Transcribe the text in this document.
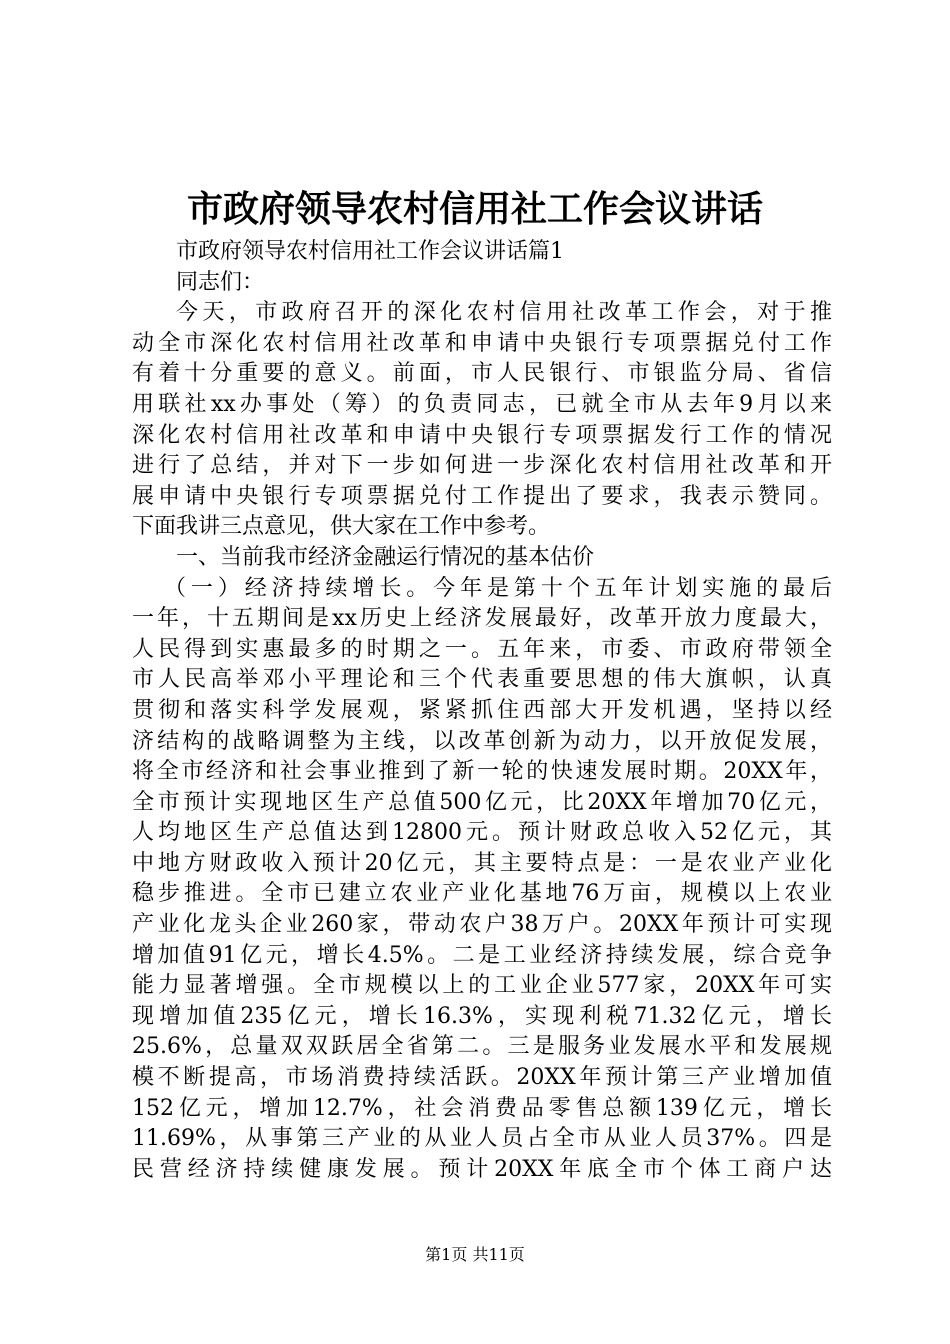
市政府领导农村信用社工作会议讲话
市政府领导农村信用社工作会议讲话篇1
同志们：
今天，市政府召开的深化农村信用社改革工作会，对于推
动全市深化农村信用社改革和申请中央银行专项票据兑付工作
有着十分重要的意义。前面，市人民银行、市银监分局、省信
用联社xx办事处（筹）的负责同志，已就全市从去年9月以来
深化农村信用社改革和申请中央银行专项票据发行工作的情况
进行了总结，并对下一步如何进一步深化农村信用社改革和开
展申请中央银行专项票据兑付工作提出了要求，我表示赞同。
下面我讲三点意见，供大家在工作中参考。
一、当前我市经济金融运行情况的基本估价
（一）经济持续增长。今年是第十个五年计划实施的最后
一年，十五期间是xx历史上经济发展最好，改革开放力度最大，
人民得到实惠最多的时期之一。五年来，市委、市政府带领全
市人民高举邓小平理论和三个代表重要思想的伟大旗帜，认真
贯彻和落实科学发展观，紧紧抓住西部大开发机遇，坚持以经
济结构的战略调整为主线，以改革创新为动力，以开放促发展，
将全市经济和社会事业推到了新一轮的快速发展时期。20XX年，
全市预计实现地区生产总值500亿元，比20XX年增加70亿元，
人均地区生产总值达到12800元。预计财政总收入52亿元，其
中地方财政收入预计20亿元，其主要特点是：一是农业产业化
稳步推进。全市已建立农业产业化基地76万亩，规模以上农业
产业化龙头企业260家，带动农户38万户。20XX年预计可实现
增加值91亿元，增长4.5%。二是工业经济持续发展，综合竞争
能力显著增强。全市规模以上的工业企业577家，20XX年可实
现增加值235亿元，增长16.3%，实现利税71.32亿元，增长
25.6%，总量双双跃居全省第二。三是服务业发展水平和发展规
模不断提高，市场消费持续活跃。20XX年预计第三产业增加值
152亿元，增加12.7%，社会消费品零售总额139亿元，增长
11.69%，从事第三产业的从业人员占全市从业人员37%。四是
民营经济持续健康发展。预计20XX年底全市个体工商户达
第1页 共11页
